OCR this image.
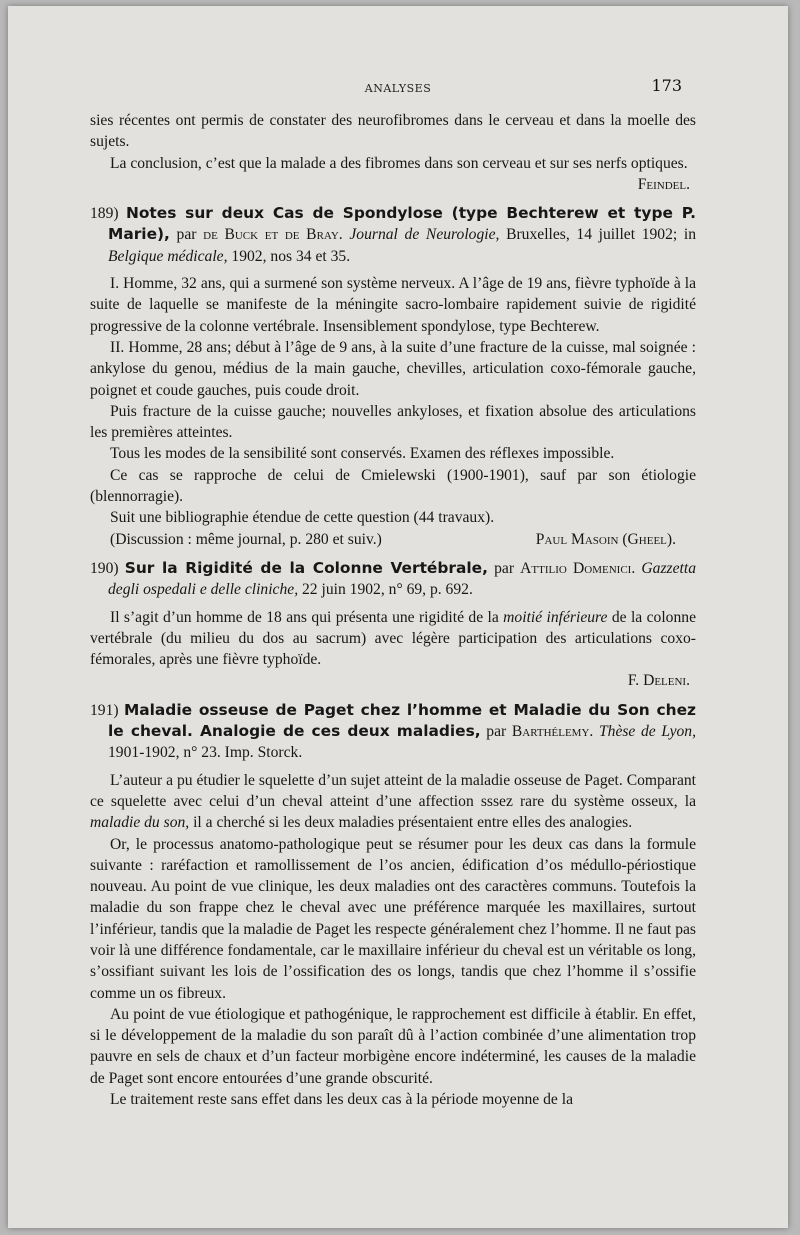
ANALYSES	173

sies récentes ont permis de constater des neurofibromes dans le cerveau et dans la moelle des sujets.

La conclusion, c’est que la malade a des fibromes dans son cerveau et sur ses nerfs optiques.

Feindel.

189) Notes sur deux Cas de Spondylose (type Bechterew et type P. Marie), par de Buck et de Bray. Journal de Neurologie, Bruxelles, 14 juillet 1902; in Belgique médicale, 1902, nos 34 et 35.

I. Homme, 32 ans, qui a surmené son système nerveux. A l’âge de 19 ans, fièvre typhoïde à la suite de laquelle se manifeste de la méningite sacro-lombaire rapidement suivie de rigidité progressive de la colonne vertébrale. Insensiblement spondylose, type Bechterew.

II. Homme, 28 ans; début à l’âge de 9 ans, à la suite d’une fracture de la cuisse, mal soignée : ankylose du genou, médius de la main gauche, chevilles, articulation coxo-fémorale gauche, poignet et coude gauches, puis coude droit.

Puis fracture de la cuisse gauche; nouvelles ankyloses, et fixation absolue des articulations les premières atteintes.

Tous les modes de la sensibilité sont conservés. Examen des réflexes impossible.

Ce cas se rapproche de celui de Cmielewski (1900-1901), sauf par son étiologie (blennorragie).

Suit une bibliographie étendue de cette question (44 travaux).

(Discussion : même journal, p. 280 et suiv.)	Paul Masoin (Gheel).

190) Sur la Rigidité de la Colonne Vertébrale, par Attilio Domenici. Gazzetta degli ospedali e delle cliniche, 22 juin 1902, n° 69, p. 692.

Il s’agit d’un homme de 18 ans qui présenta une rigidité de la moitié inférieure de la colonne vertébrale (du milieu du dos au sacrum) avec légère participation des articulations coxo-fémorales, après une fièvre typhoïde.

F. Deleni.

191) Maladie osseuse de Paget chez l’homme et Maladie du Son chez le cheval. Analogie de ces deux maladies, par Barthélemy. Thèse de Lyon, 1901-1902, n° 23. Imp. Storck.

L’auteur a pu étudier le squelette d’un sujet atteint de la maladie osseuse de Paget. Comparant ce squelette avec celui d’un cheval atteint d’une affection sssez rare du système osseux, la maladie du son, il a cherché si les deux maladies présentaient entre elles des analogies.

Or, le processus anatomo-pathologique peut se résumer pour les deux cas dans la formule suivante : raréfaction et ramollissement de l’os ancien, édification d’os médullo-périostique nouveau. Au point de vue clinique, les deux maladies ont des caractères communs. Toutefois la maladie du son frappe chez le cheval avec une préférence marquée les maxillaires, surtout l’inférieur, tandis que la maladie de Paget les respecte généralement chez l’homme. Il ne faut pas voir là une différence fondamentale, car le maxillaire inférieur du cheval est un véritable os long, s’ossifiant suivant les lois de l’ossification des os longs, tandis que chez l’homme il s’ossifie comme un os fibreux.

Au point de vue étiologique et pathogénique, le rapprochement est difficile à établir. En effet, si le développement de la maladie du son paraît dû à l’action combinée d’une alimentation trop pauvre en sels de chaux et d’un facteur morbigène encore indéterminé, les causes de la maladie de Paget sont encore entourées d’une grande obscurité.

Le traitement reste sans effet dans les deux cas à la période moyenne de la
